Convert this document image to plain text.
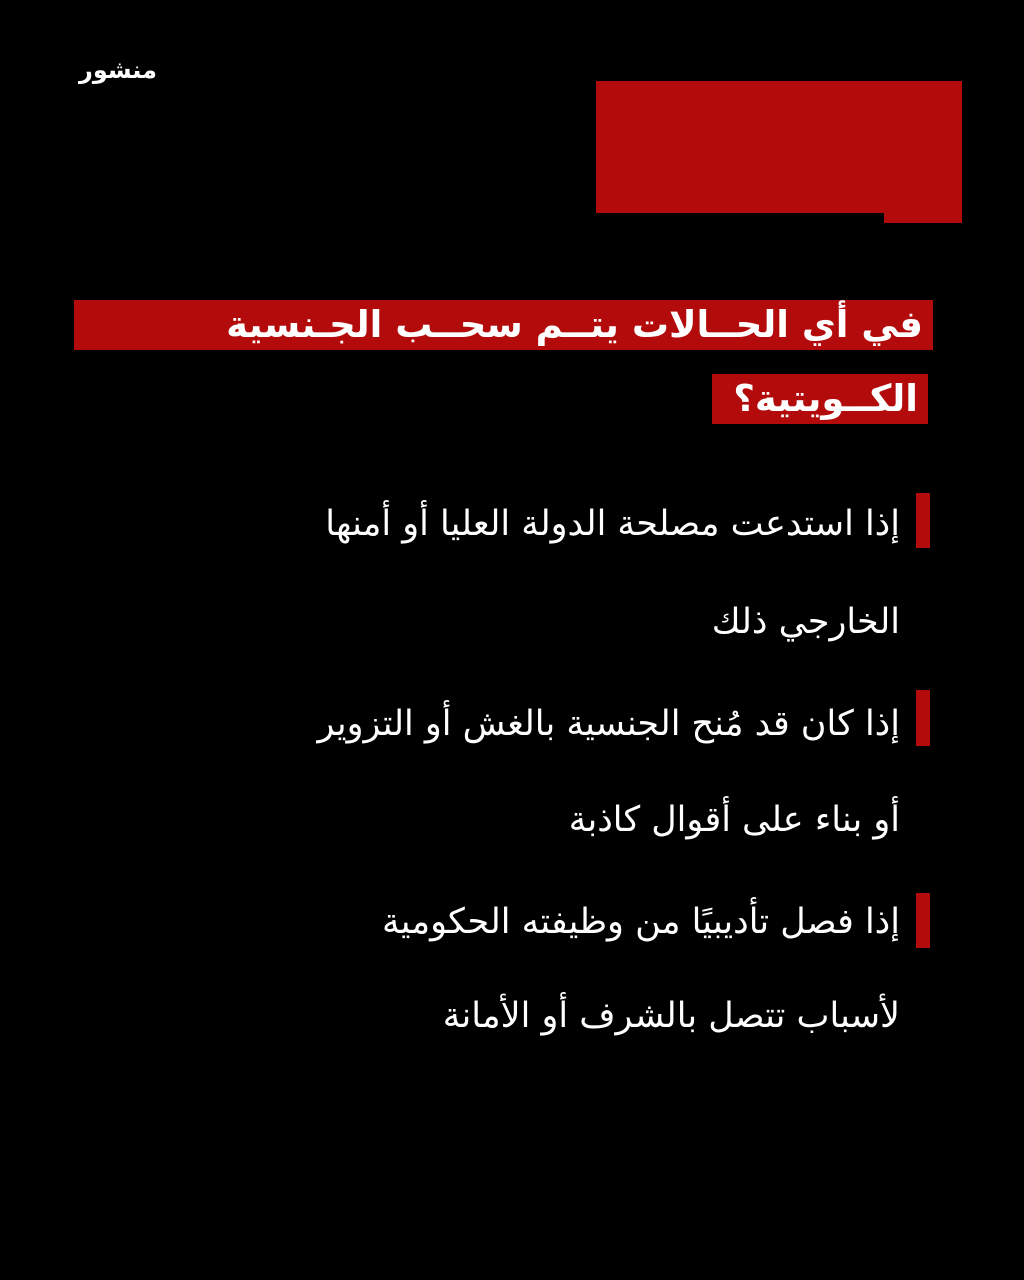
منشور
في أي الحــالات يتــم سحــب الجـنسية
الكــويتية؟
إذا استدعت مصلحة الدولة العليا أو أمنها
الخارجي ذلك
إذا كان قد مُنح الجنسية بالغش أو التزوير
أو بناء على أقوال كاذبة
إذا فصل تأديبيًا من وظيفته الحكومية
لأسباب تتصل بالشرف أو الأمانة
